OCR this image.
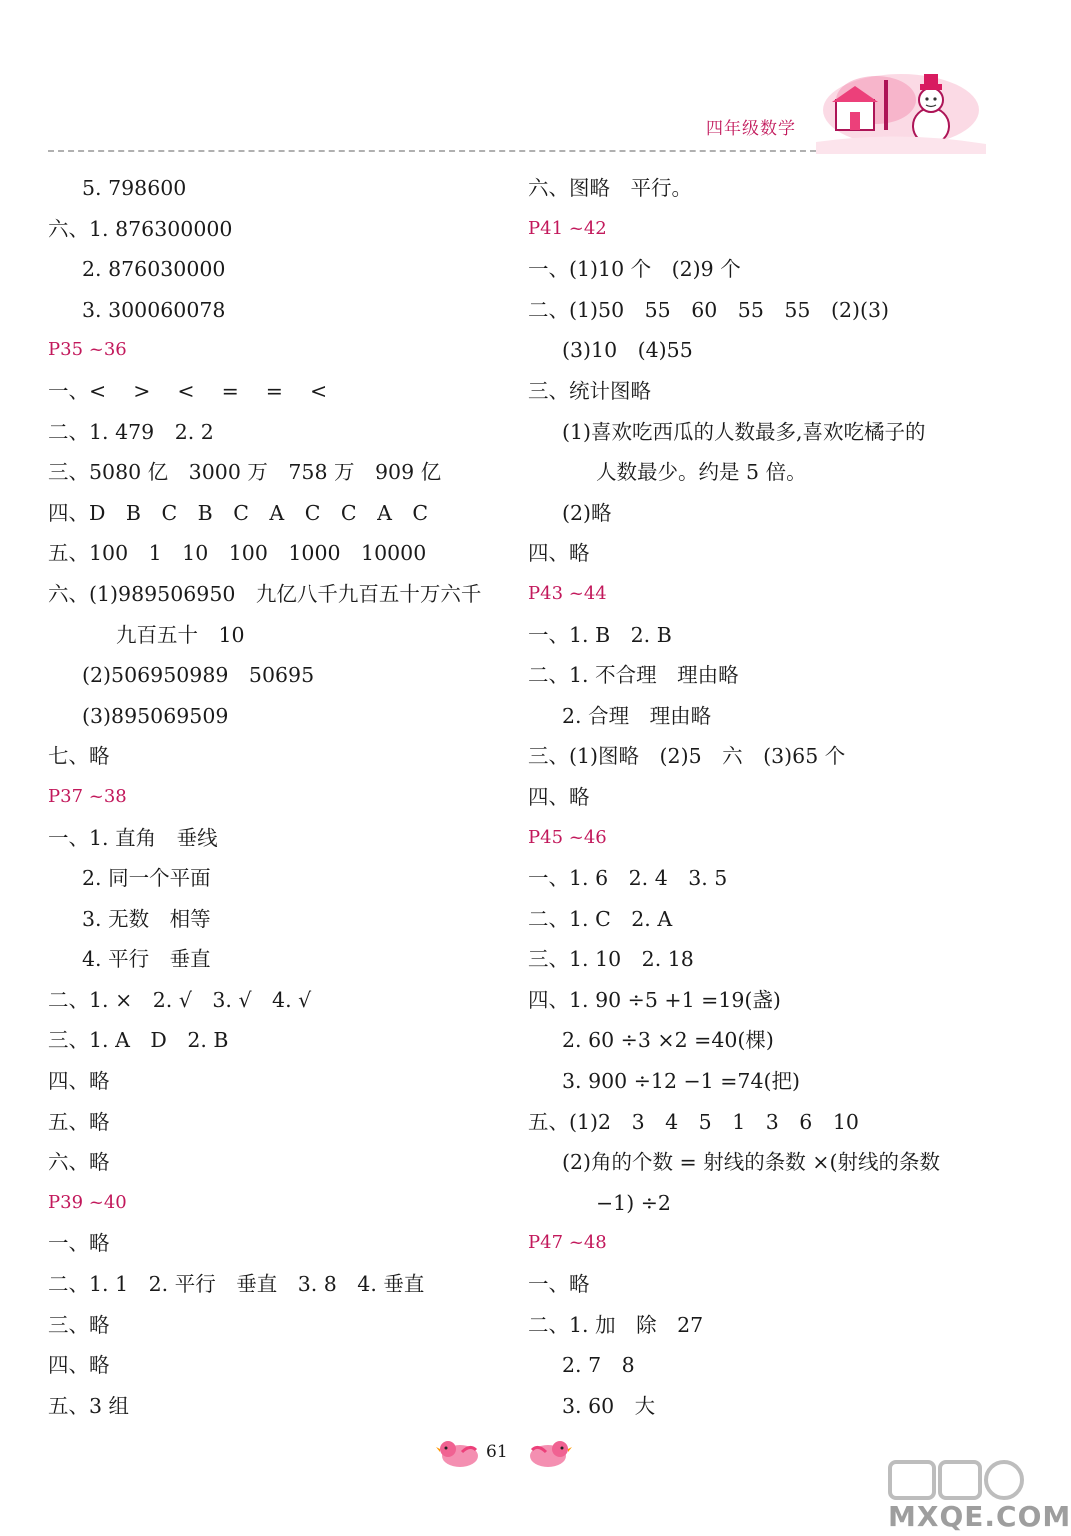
四年级数学
5. 798600
六、1. 876300000
2. 876030000
3. 300060078
P35 ~36
一、<　 >　 <　 =　 =　 <
二、1. 479　2. 2
三、5080 亿　3000 万　758 万　909 亿
四、D　B　C　B　C　A　C　C　A　C
五、100　1　10　100　1000　10000
六、(1)989506950　九亿八千九百五十万六千
九百五十　10
(2)506950989　50695
(3)895069509
七、略
P37 ~38
一、1. 直角　垂线
2. 同一个平面
3. 无数　相等
4. 平行　垂直
二、1. ×　2. √　3. √　4. √
三、1. A　D　2. B
四、略
五、略
六、略
P39 ~40
一、略
二、1. 1　2. 平行　垂直　3. 8　4. 垂直
三、略
四、略
五、3 组
六、图略　平行。
P41 ~42
一、(1)10 个　(2)9 个
二、(1)50　55　60　55　55　(2)(3)
(3)10　(4)55
三、统计图略
(1)喜欢吃西瓜的人数最多,喜欢吃橘子的
人数最少。约是 5 倍。
(2)略
四、略
P43 ~44
一、1. B　2. B
二、1. 不合理　理由略
2. 合理　理由略
三、(1)图略　(2)5　六　(3)65 个
四、略
P45 ~46
一、1. 6　2. 4　3. 5
二、1. C　2. A
三、1. 10　2. 18
四、1. 90 ÷5 +1 =19(盏)
2. 60 ÷3 ×2 =40(棵)
3. 900 ÷12 −1 =74(把)
五、(1)2　3　4　5　1　3　6　10
(2)角的个数 = 射线的条数 ×(射线的条数
−1) ÷2
P47 ~48
一、略
二、1. 加　除　27
2. 7　8
3. 60　大
61
MXQE.COM
